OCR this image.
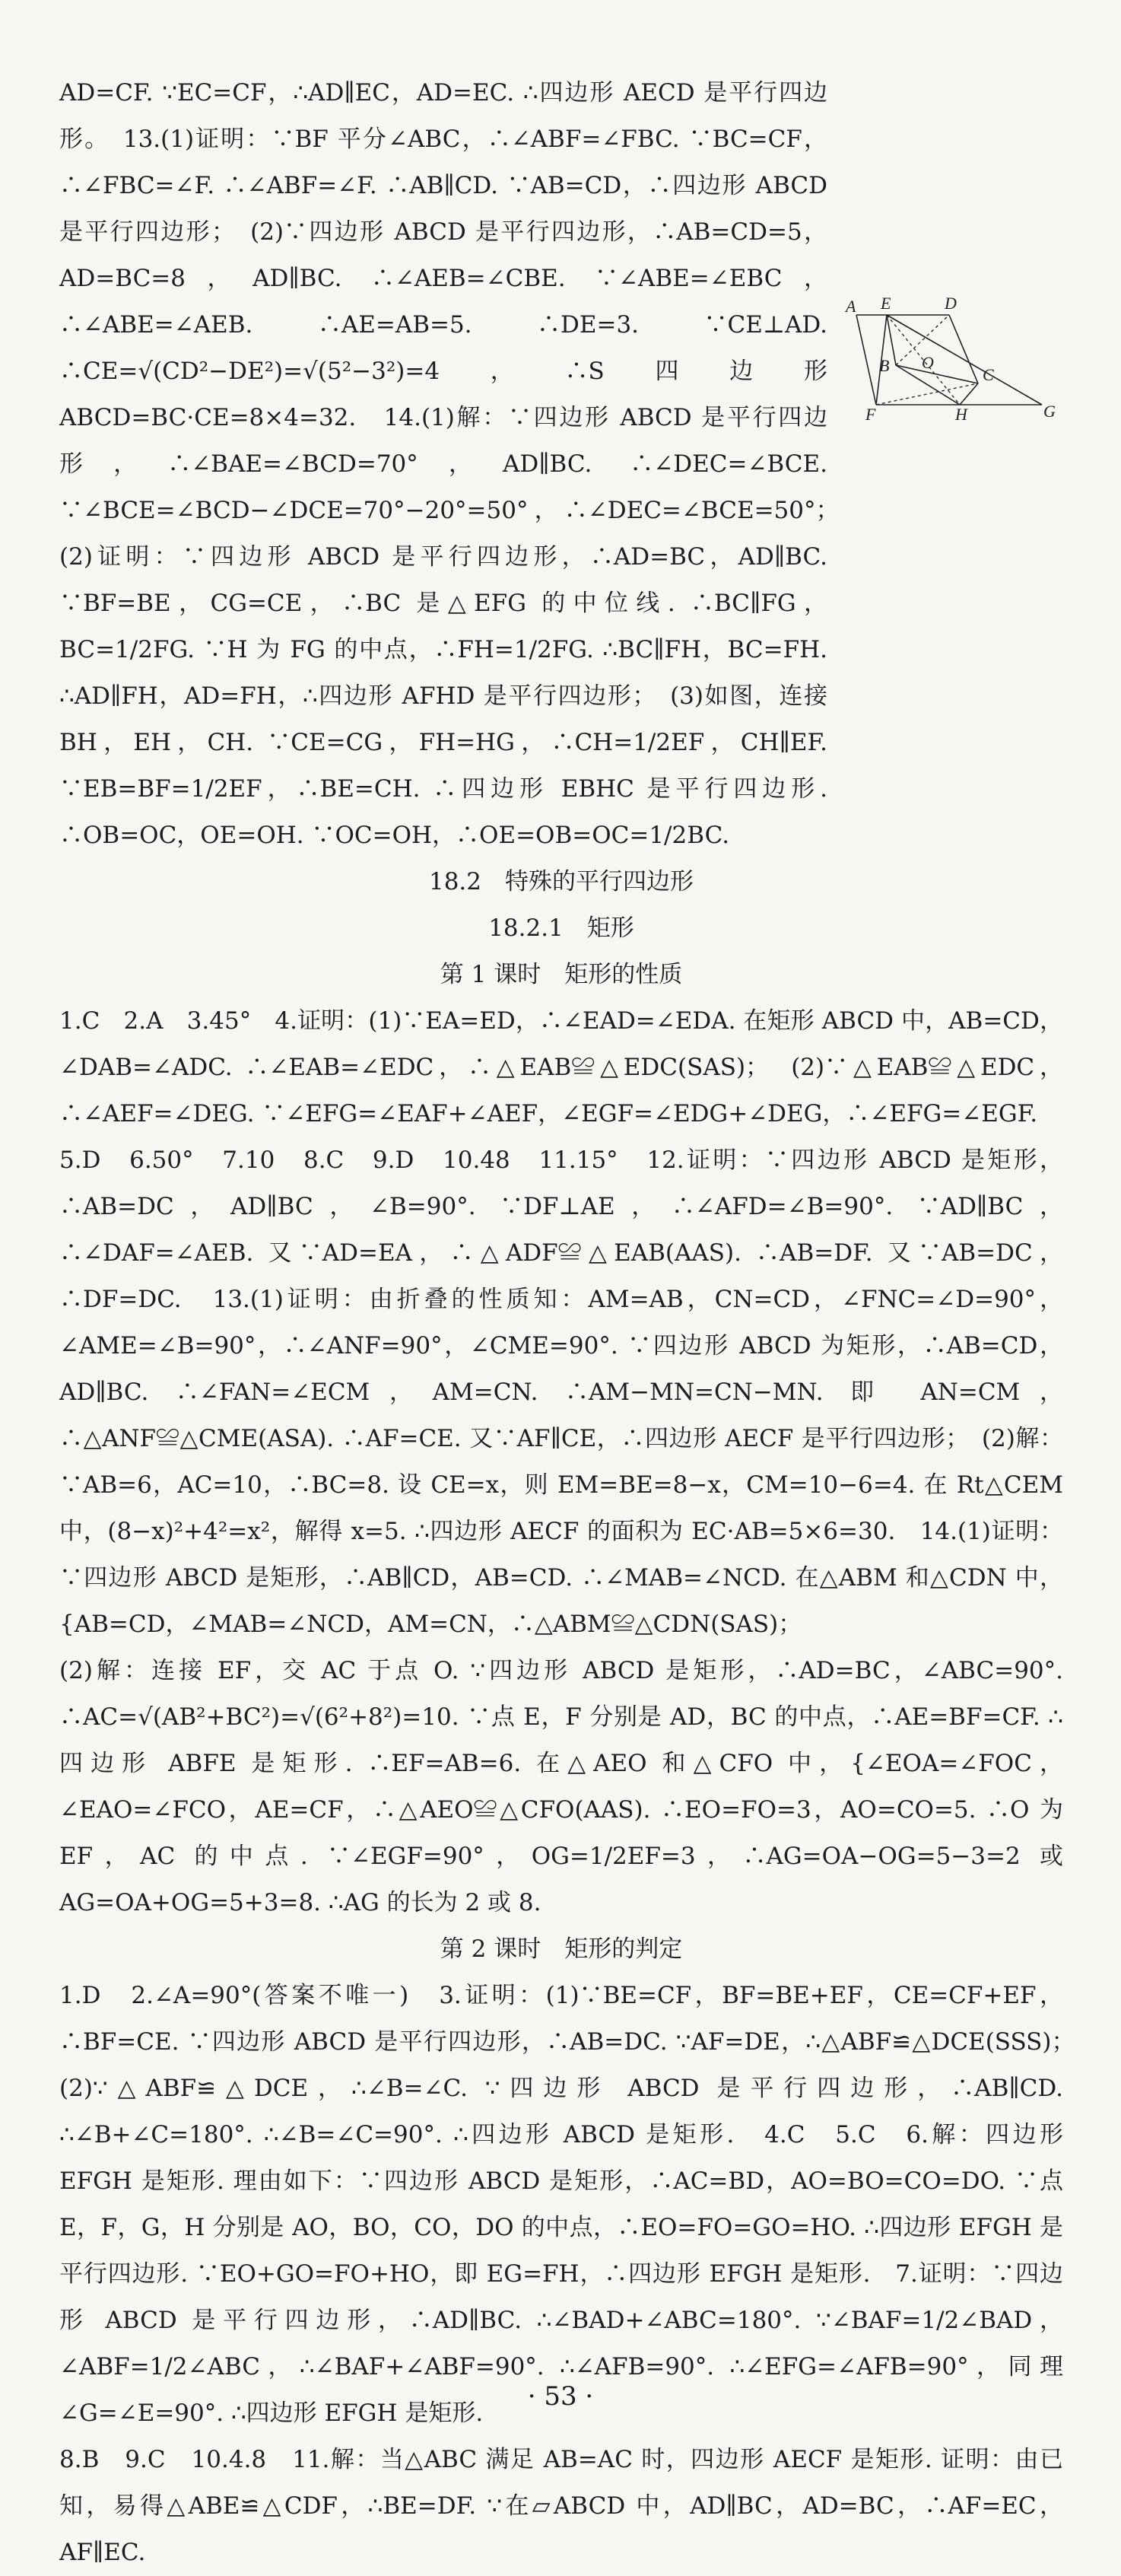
AD=CF. ∵EC=CF，∴AD∥EC，AD=EC. ∴四边形 AECD 是平行四边形。　13.(1)证明：∵BF 平分∠ABC，∴∠ABF=∠FBC. ∵BC=CF，∴∠FBC=∠F. ∴∠ABF=∠F. ∴AB∥CD. ∵AB=CD，∴四边形 ABCD 是平行四边形；　(2)∵四边形 ABCD 是平行四边形，∴AB=CD=5，AD=BC=8，AD∥BC. ∴∠AEB=∠CBE. ∵∠ABE=∠EBC，∴∠ABE=∠AEB. ∴AE=AB=5. ∴DE=3. ∵CE⊥AD. ∴CE=√(CD²−DE²)=√(5²−3²)=4，∴S四边形ABCD=BC·CE=8×4=32.　14.(1)解：∵四边形 ABCD 是平行四边形，∴∠BAE=∠BCD=70°，AD∥BC. ∴∠DEC=∠BCE. ∵∠BCE=∠BCD−∠DCE=70°−20°=50°，∴∠DEC=∠BCE=50°；　(2)证明：∵四边形 ABCD 是平行四边形，∴AD=BC，AD∥BC. ∵BF=BE，CG=CE，∴BC 是△EFG 的中位线. ∴BC∥FG，BC=1/2FG. ∵H 为 FG 的中点，∴FH=1/2FG. ∴BC∥FH，BC=FH. ∴AD∥FH，AD=FH，∴四边形 AFHD 是平行四边形；　(3)如图，连接 BH，EH，CH. ∵CE=CG，FH=HG，∴CH=1/2EF，CH∥EF. ∵EB=BF=1/2EF，∴BE=CH. ∴四边形 EBHC 是平行四边形. ∴OB=OC，OE=OH. ∵OC=OH，∴OE=OB=OC=1/2BC.

18.2　特殊的平行四边形

18.2.1　矩形

第 1 课时　矩形的性质

1.C　2.A　3.45°　4.证明：(1)∵EA=ED，∴∠EAD=∠EDA. 在矩形 ABCD 中，AB=CD，∠DAB=∠ADC. ∴∠EAB=∠EDC，∴△EAB≌△EDC(SAS)；　(2)∵△EAB≌△EDC，∴∠AEF=∠DEG. ∵∠EFG=∠EAF+∠AEF，∠EGF=∠EDG+∠DEG，∴∠EFG=∠EGF.

5.D　6.50°　7.10　8.C　9.D　10.48　11.15°　12.证明：∵四边形 ABCD 是矩形，∴AB=DC，AD∥BC，∠B=90°. ∵DF⊥AE，∴∠AFD=∠B=90°. ∵AD∥BC，∴∠DAF=∠AEB. 又∵AD=EA，∴△ADF≌△EAB(AAS). ∴AB=DF. 又∵AB=DC，∴DF=DC.　13.(1)证明：由折叠的性质知：AM=AB，CN=CD，∠FNC=∠D=90°，∠AME=∠B=90°，∴∠ANF=90°，∠CME=90°. ∵四边形 ABCD 为矩形，∴AB=CD，AD∥BC. ∴∠FAN=∠ECM，AM=CN. ∴AM−MN=CN−MN. 即 AN=CM，∴△ANF≌△CME(ASA). ∴AF=CE. 又∵AF∥CE，∴四边形 AECF 是平行四边形；　(2)解：∵AB=6，AC=10，∴BC=8. 设 CE=x，则 EM=BE=8−x，CM=10−6=4. 在 Rt△CEM 中，(8−x)²+4²=x²，解得 x=5. ∴四边形 AECF 的面积为 EC·AB=5×6=30.　14.(1)证明：∵四边形 ABCD 是矩形，∴AB∥CD，AB=CD. ∴∠MAB=∠NCD. 在△ABM 和△CDN 中，{AB=CD，∠MAB=∠NCD，AM=CN，∴△ABM≌△CDN(SAS)；

(2)解：连接 EF，交 AC 于点 O. ∵四边形 ABCD 是矩形，∴AD=BC，∠ABC=90°. ∴AC=√(AB²+BC²)=√(6²+8²)=10. ∵点 E，F 分别是 AD，BC 的中点，∴AE=BF=CF. ∴四边形 ABFE 是矩形. ∴EF=AB=6. 在△AEO 和△CFO 中，{∠EOA=∠FOC，∠EAO=∠FCO，AE=CF，∴△AEO≌△CFO(AAS). ∴EO=FO=3，AO=CO=5. ∴O 为 EF，AC 的中点. ∵∠EGF=90°，OG=1/2EF=3，∴AG=OA−OG=5−3=2 或 AG=OA+OG=5+3=8. ∴AG 的长为 2 或 8.

第 2 课时　矩形的判定

1.D　2.∠A=90°(答案不唯一)　3.证明：(1)∵BE=CF，BF=BE+EF，CE=CF+EF，∴BF=CE. ∵四边形 ABCD 是平行四边形，∴AB=DC. ∵AF=DE，∴△ABF≌△DCE(SSS)；　(2)∵△ABF≌△DCE，∴∠B=∠C. ∵四边形 ABCD 是平行四边形，∴AB∥CD. ∴∠B+∠C=180°. ∴∠B=∠C=90°. ∴四边形 ABCD 是矩形.　4.C　5.C　6.解：四边形 EFGH 是矩形. 理由如下：∵四边形 ABCD 是矩形，∴AC=BD，AO=BO=CO=DO. ∵点 E，F，G，H 分别是 AO，BO，CO，DO 的中点，∴EO=FO=GO=HO. ∴四边形 EFGH 是平行四边形. ∵EO+GO=FO+HO，即 EG=FH，∴四边形 EFGH 是矩形.　7.证明：∵四边形 ABCD 是平行四边形，∴AD∥BC. ∴∠BAD+∠ABC=180°. ∵∠BAF=1/2∠BAD，∠ABF=1/2∠ABC，∴∠BAF+∠ABF=90°. ∴∠AFB=90°. ∴∠EFG=∠AFB=90°，同理∠G=∠E=90°. ∴四边形 EFGH 是矩形.

8.B　9.C　10.4.8　11.解：当△ABC 满足 AB=AC 时，四边形 AECF 是矩形. 证明：由已知，易得△ABE≌△CDF，∴BE=DF. ∵在▱ABCD 中，AD∥BC，AD=BC，∴AF=EC，AF∥EC.

A E	D
C
B O
F	H	G
· 53 ·
